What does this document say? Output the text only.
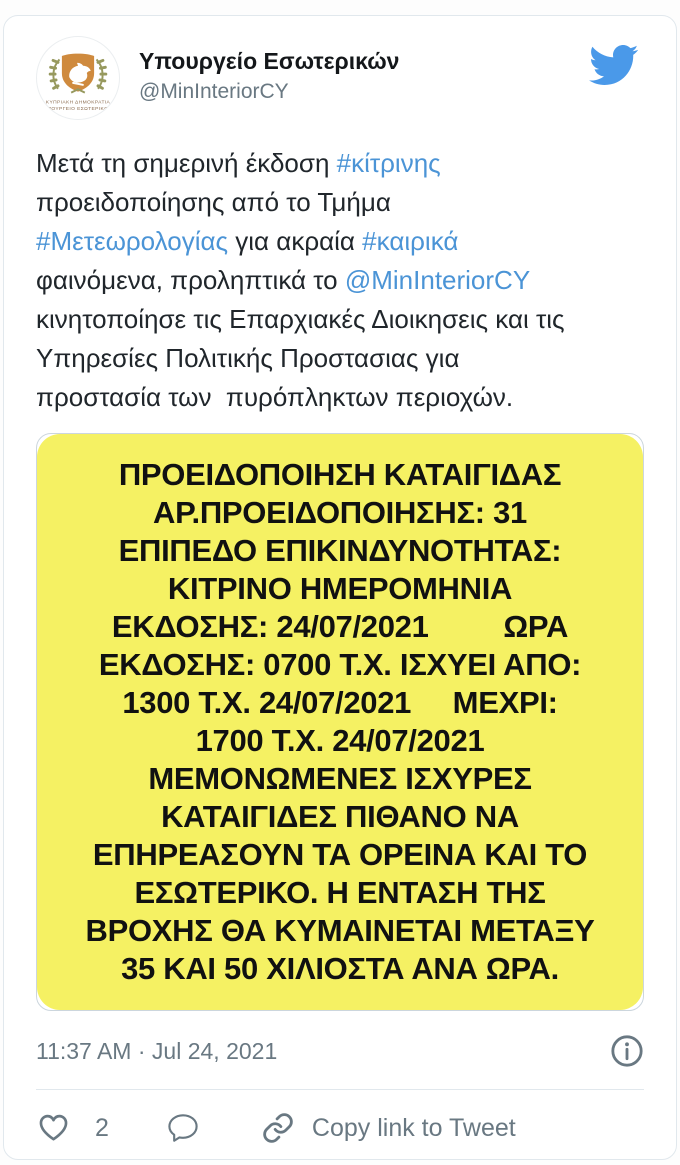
ΚΥΠΡΙΑΚΗ ΔΗΜΟΚΡΑΤΙΑ
ΥΠΟΥΡΓΕΙΟ ΕΣΩΤΕΡΙΚΩΝ
Υπουργείο Εσωτερικών
@MinInteriorCY
Μετά τη σημερινή έκδοση #κίτρινης
προειδοποίησης από το Τμήμα
#Μετεωρολογίας για ακραία #καιρικά
φαινόμενα, προληπτικά το @MinInteriorCY
κινητοποίησε τις Επαρχιακές Διοικησεις και τις
Υπηρεσίες Πολιτικής Προστασιας για
προστασία των  πυρόπληκτων περιοχών.
ΠΡΟΕΙΔΟΠΟΙΗΣΗ ΚΑΤΑΙΓΙΔΑΣ
ΑΡ.ΠΡΟΕΙΔΟΠΟΙΗΣΗΣ: 31
ΕΠΙΠΕΔΟ ΕΠΙΚΙΝΔΥΝΟΤΗΤΑΣ:
ΚΙΤΡΙΝΟ ΗΜΕΡΟΜΗΝΙΑ
ΕΚΔΟΣΗΣ: 24/07/2021         ΩΡΑ
ΕΚΔΟΣΗΣ: 0700 Τ.Χ. ΙΣΧΥΕΙ ΑΠΟ:
1300 Τ.Χ. 24/07/2021     ΜΕΧΡΙ:
1700 Τ.Χ. 24/07/2021
ΜΕΜΟΝΩΜΕΝΕΣ ΙΣΧΥΡΕΣ
ΚΑΤΑΙΓΙΔΕΣ ΠΙΘΑΝΟ ΝΑ
ΕΠΗΡΕΑΣΟΥΝ ΤΑ ΟΡΕΙΝΑ ΚΑΙ ΤΟ
ΕΣΩΤΕΡΙΚΟ. Η ΕΝΤΑΣΗ ΤΗΣ
ΒΡΟΧΗΣ ΘΑ ΚΥΜΑΙΝΕΤΑΙ ΜΕΤΑΞΥ
35 ΚΑΙ 50 ΧΙΛΙΟΣΤΑ ΑΝΑ ΩΡΑ.
11:37 AM · Jul 24, 2021
2	Copy link to Tweet
